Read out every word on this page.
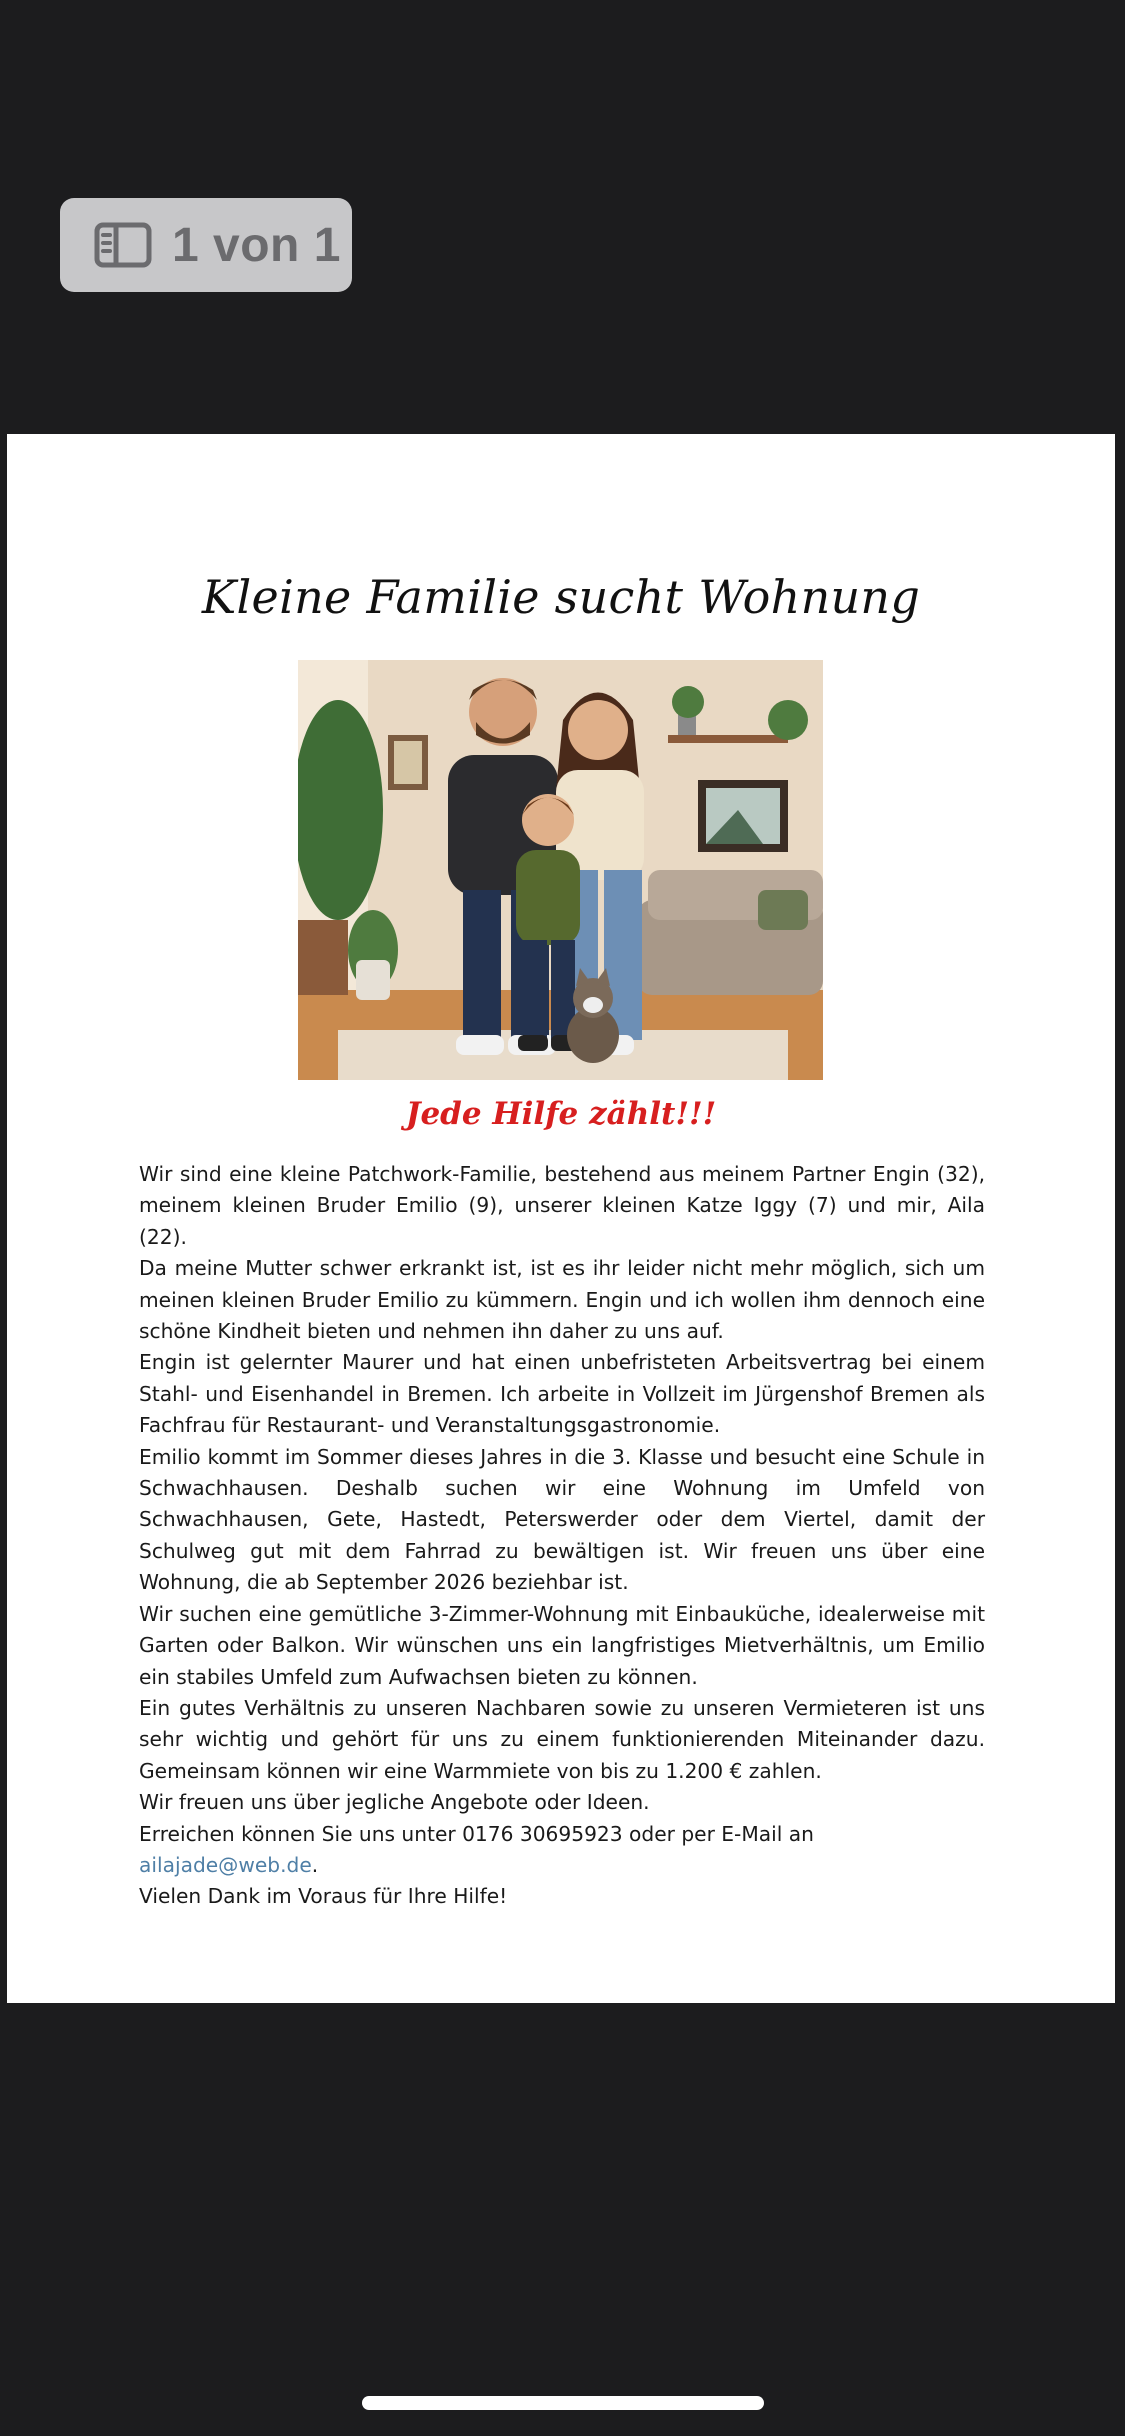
1 von 1
Kleine Familie sucht Wohnung
Jede Hilfe zählt!!!

Wir sind eine kleine Patchwork-Familie, bestehend aus meinem Partner Engin (32), meinem kleinen Bruder Emilio (9), unserer kleinen Katze Iggy (7) und mir, Aila (22).

Da meine Mutter schwer erkrankt ist, ist es ihr leider nicht mehr möglich, sich um meinen kleinen Bruder Emilio zu kümmern. Engin und ich wollen ihm dennoch eine schöne Kindheit bieten und nehmen ihn daher zu uns auf.

Engin ist gelernter Maurer und hat einen unbefristeten Arbeitsvertrag bei einem Stahl- und Eisenhandel in Bremen. Ich arbeite in Vollzeit im Jürgenshof Bremen als Fachfrau für Restaurant- und Veranstaltungsgastronomie.

Emilio kommt im Sommer dieses Jahres in die 3. Klasse und besucht eine Schule in Schwachhausen. Deshalb suchen wir eine Wohnung im Umfeld von Schwachhausen, Gete, Hastedt, Peterswerder oder dem Viertel, damit der Schulweg gut mit dem Fahrrad zu bewältigen ist. Wir freuen uns über eine Wohnung, die ab September 2026 beziehbar ist.

Wir suchen eine gemütliche 3-Zimmer-Wohnung mit Einbauküche, idealerweise mit Garten oder Balkon. Wir wünschen uns ein langfristiges Mietverhältnis, um Emilio ein stabiles Umfeld zum Aufwachsen bieten zu können.

Ein gutes Verhältnis zu unseren Nachbaren sowie zu unseren Vermieteren ist uns sehr wichtig und gehört für uns zu einem funktionierenden Miteinander dazu. Gemeinsam können wir eine Warmmiete von bis zu 1.200 € zahlen.

Wir freuen uns über jegliche Angebote oder Ideen.

Erreichen können Sie uns unter 0176 30695923 oder per E-Mail an ailajade@web.de.

Vielen Dank im Voraus für Ihre Hilfe!
